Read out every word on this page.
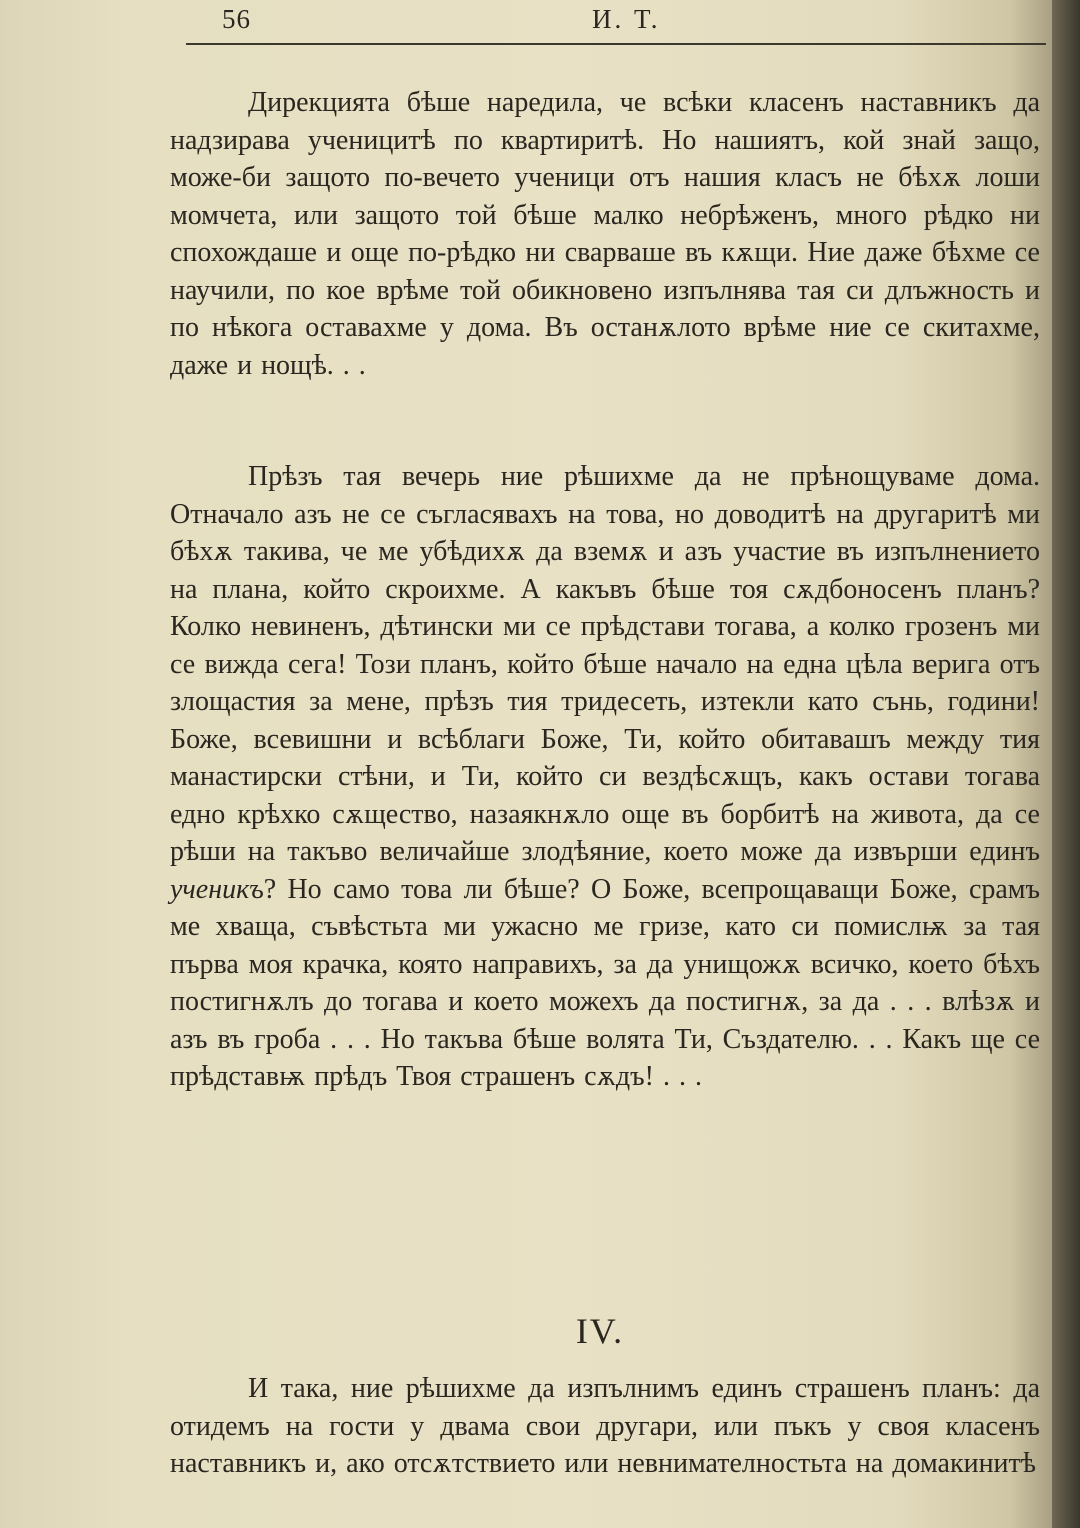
56	И. Т.

Дирекцията бѣше наредила, че всѣки класенъ наставникъ да надзирава ученицитѣ по квартиритѣ. Но нашиятъ, кой знай защо, може-би защото по-вечето ученици отъ нашия класъ не бѣхѫ лоши момчета, или защото той бѣше малко небрѣженъ, много рѣдко ни спохождаше и още по-рѣдко ни сварваше въ кѫщи. Ние даже бѣхме се научили, по кое врѣме той обикновено изпълнява тая си длъжность и по нѣкога оставахме у дома. Въ останѫлото врѣме ние се скитахме, даже и нощѣ. . .

Прѣзъ тая вечерь ние рѣшихме да не прѣнощуваме дома. Отначало азъ не се съгласявахъ на това, но доводитѣ на другаритѣ ми бѣхѫ такива, че ме убѣдихѫ да вземѫ и азъ участие въ изпълнението на плана, който скроихме. А какъвъ бѣше тоя сѫдбоносенъ планъ? Колко невиненъ, дѣтински ми се прѣдстави тогава, а колко грозенъ ми се вижда сега! Този планъ, който бѣше начало на една цѣла верига отъ злощастия за мене, прѣзъ тия тридесеть, изтекли като сънь, години! Боже, всевишни и всѣблаги Боже, Ти, който обитавашъ между тия манастирски стѣни, и Ти, който си вездѣсѫщъ, какъ остави тогава едно крѣхко сѫщество, назаякнѫло още въ борбитѣ на живота, да се рѣши на такъво величайше злодѣяние, което може да извърши единъ ученикъ? Но само това ли бѣше? О Боже, всепрощаващи Боже, срамъ ме хваща, съвѣстьта ми ужасно ме гризе, като си помислѭ за тая първа моя крачка, която направихъ, за да унищожѫ всичко, което бѣхъ постигнѫлъ до тогава и което можехъ да постигнѫ, за да . . . влѣзѫ и азъ въ гроба . . . Но такъва бѣше волята Ти, Създателю. . . Какъ ще се прѣдставѭ прѣдъ Твоя страшенъ сѫдъ! . . .

IV.

И така, ние рѣшихме да изпълнимъ единъ страшенъ планъ: да отидемъ на гости у двама свои другари, или пъкъ у своя класенъ наставникъ и, ако отсѫтствието или невнимателностьта на домакинитѣ
